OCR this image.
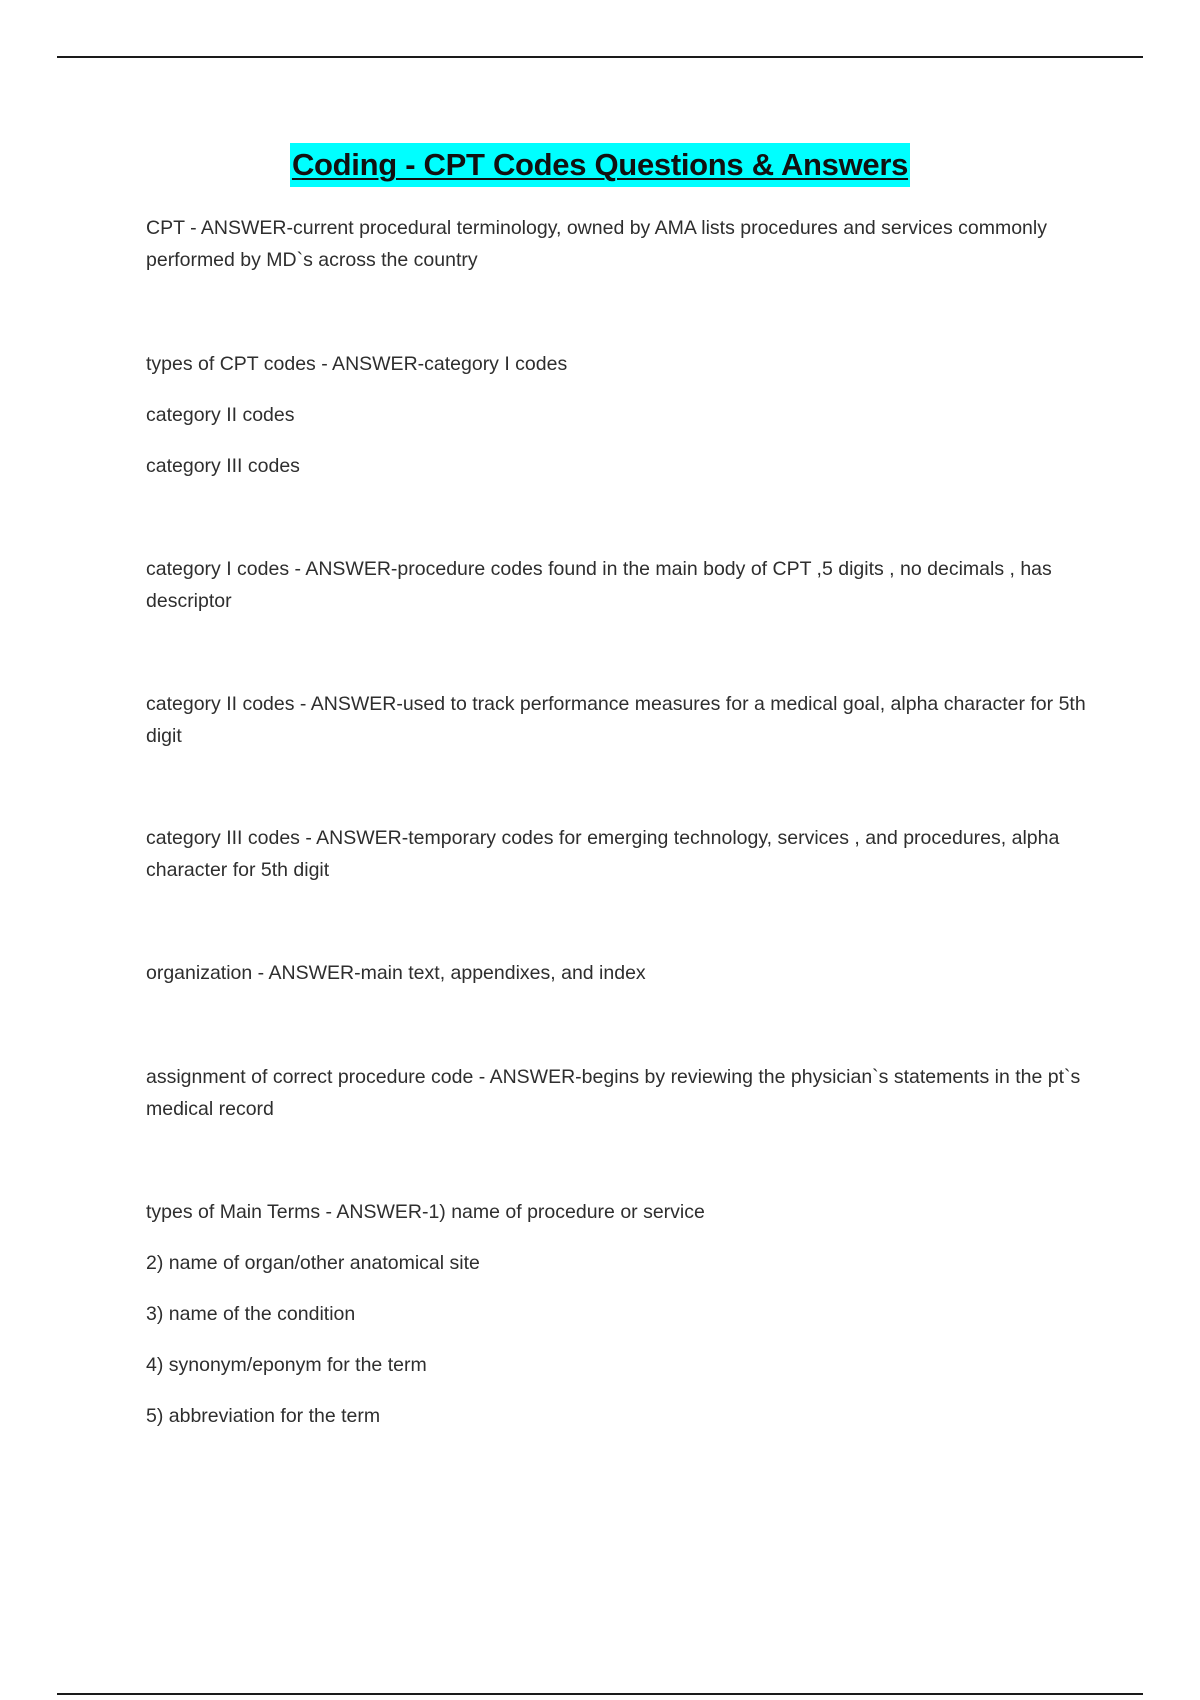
Coding - CPT Codes Questions & Answers
CPT - ANSWER-current procedural terminology, owned by AMA lists procedures and services commonly performed by MD`s across the country
types of CPT codes - ANSWER-category I codes
category II codes
category III codes
category I codes - ANSWER-procedure codes found in the main body of CPT ,5 digits , no decimals , has descriptor
category II codes - ANSWER-used to track performance measures for a medical goal, alpha character for 5th digit
category III codes - ANSWER-temporary codes for emerging technology, services , and procedures, alpha character for 5th digit
organization - ANSWER-main text, appendixes, and index
assignment of correct procedure code - ANSWER-begins by reviewing the physician`s statements in the pt`s medical record
types of Main Terms - ANSWER-1) name of procedure or service
2) name of organ/other anatomical site
3) name of the condition
4) synonym/eponym for the term
5) abbreviation for the term
